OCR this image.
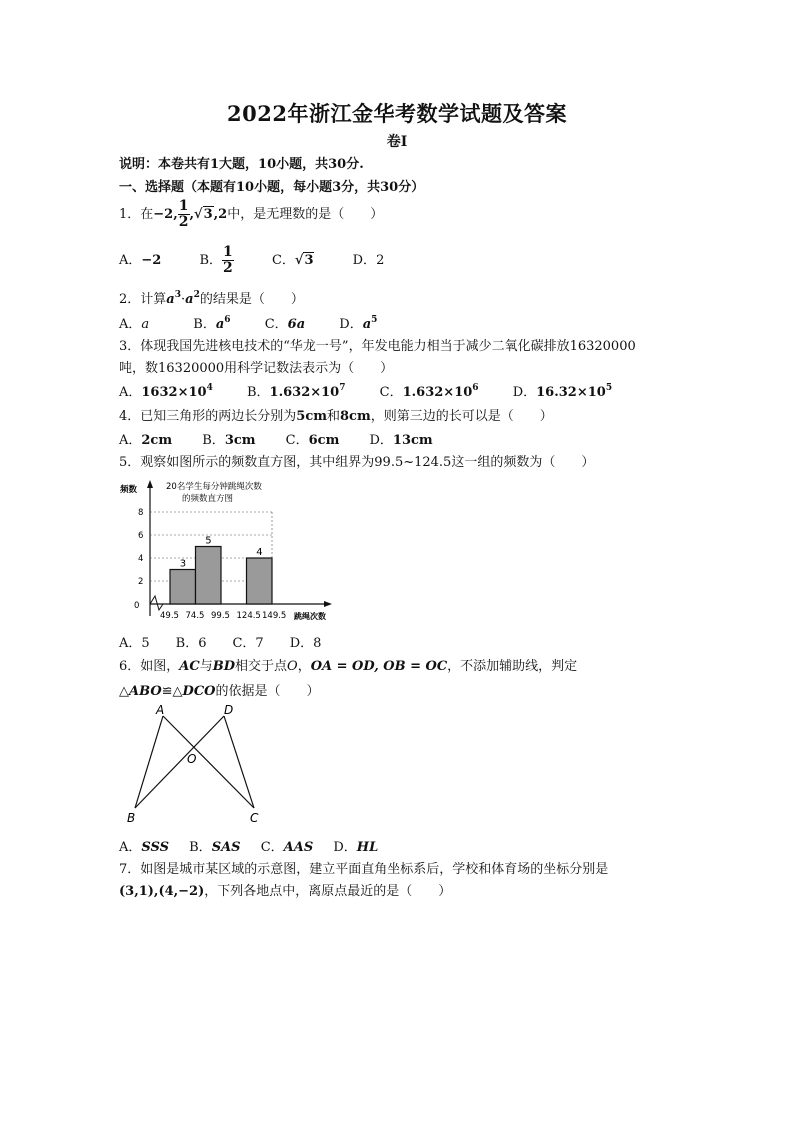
2022年浙江金华考数学试题及答案
卷Ⅰ
说明：本卷共有1大题，10小题，共30分.
一、选择题（本题有10小题，每小题3分，共30分）
1．在−2, $\frac{1}{2} ,√3,2$中，是无理数的是（　　）
A．−2	B． $\frac{1}{2}$	C．√3	D．2
2．计算$a^3\cdot a^2$的结果是（　　）
A．a	B．$a^6$	C．6a	D．$a^5$
3．体现我国先进核电技术的“华龙一号”，年发电能力相当于减少二氧化碳排放16320000
吨，数16320000用科学记数法表示为（　　）
A．$1632\times 10^4$	B．$1.632\times 10^7$	C．$1.632\times 10^6$	D．$16.32\times 10^5$
4．已知三角形的两边长分别为5cm和8cm，则第三边的长可以是（　　）
A．2cm B．3cm C．6cm D．13cm
5．观察如图所示的频数直方图，其中组界为99.5~124.5这一组的频数为（　　）
20名学生每分钟跳绳次数
的频数直方图
频数
跳绳次数
0
2
4
6
8
3
5
4
49.5 74.5 99.5 124.5 149.5
A．5　　B．6　　C．7　　D．8
6．如图，AC与BD相交于点O，OA = OD, OB = OC，不添加辅助线，判定
△ABO≌△DCO的依据是（　　）
A	D
O
B	C
A．SSS B．SAS C．AAS D．HL
7．如图是城市某区域的示意图，建立平面直角坐标系后，学校和体育场的坐标分别是
(3,1),(4,−2)，下列各地点中，离原点最近的是（　　）
